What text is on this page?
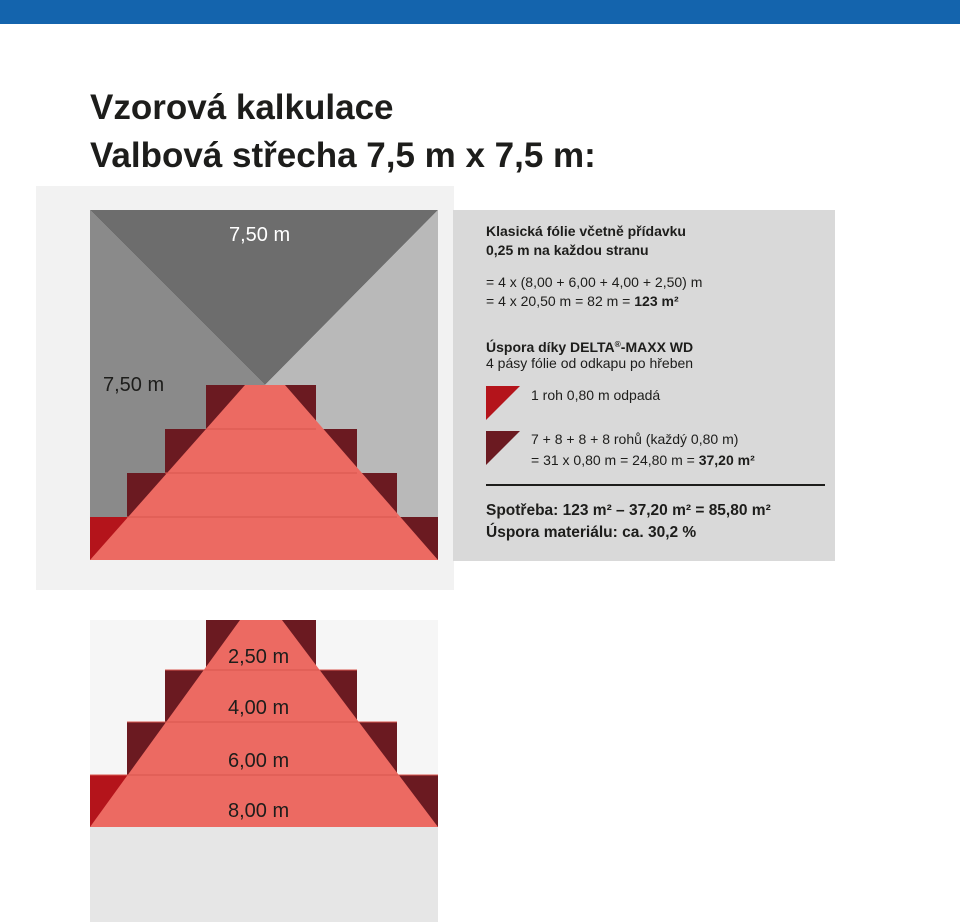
Vzorová kalkulace
Valbová střecha 7,5 m x 7,5 m:
7,50 m
7,50 m
2,50 m
4,00 m
6,00 m
8,00 m
Klasická fólie včetně přídavku
0,25 m na každou stranu
= 4 x (8,00 + 6,00 + 4,00 + 2,50) m
= 4 x 20,50 m = 82 m = 123 m²
Úspora díky DELTA®-MAXX WD
4 pásy fólie od odkapu po hřeben
1 roh 0,80 m odpadá
7 + 8 + 8 + 8 rohů (každý 0,80 m)
= 31 x 0,80 m = 24,80 m = 37,20 m²
Spotřeba: 123 m² – 37,20 m² = 85,80 m²
Úspora materiálu: ca. 30,2 %
